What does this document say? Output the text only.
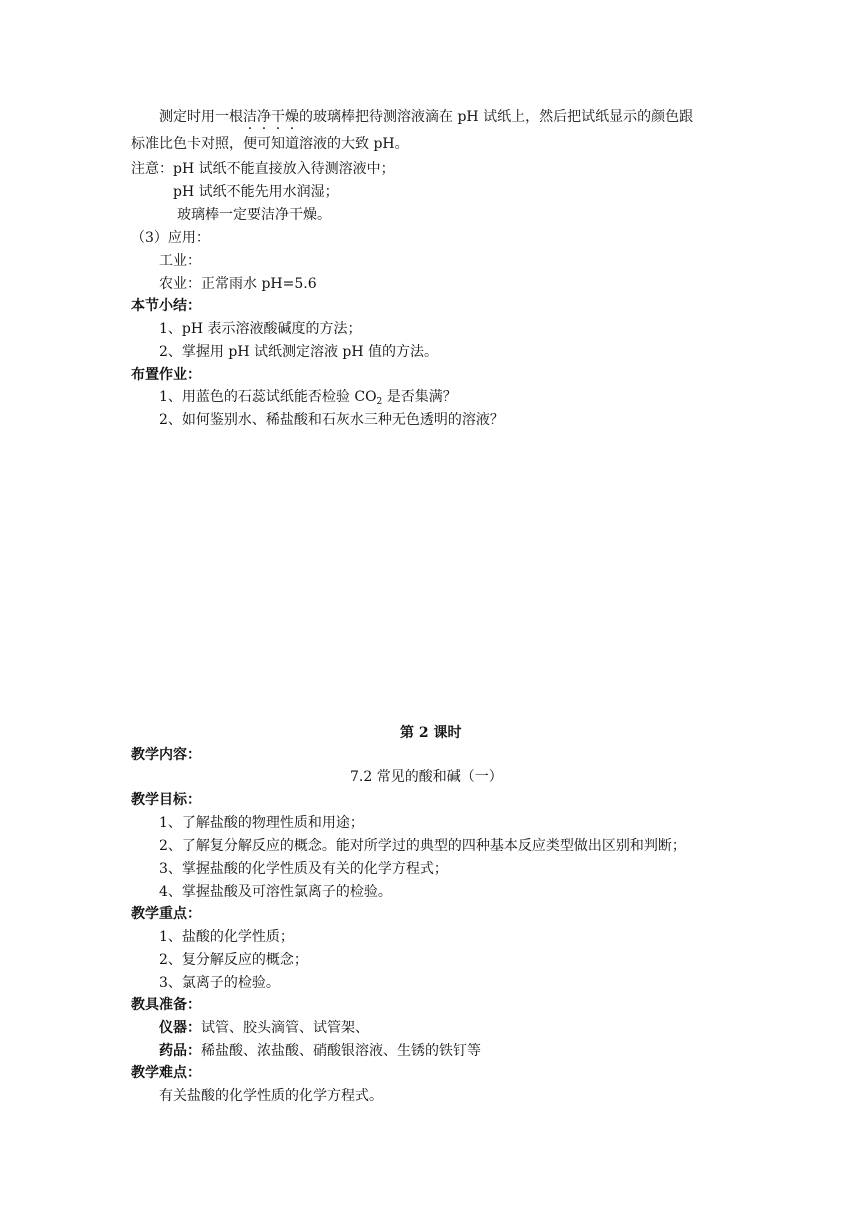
测定时用一根洁净干燥的玻璃棒把待测溶液滴在 pH 试纸上，然后把试纸显示的颜色跟
标准比色卡对照，便可知道溶液的大致 pH。
注意：pH 试纸不能直接放入待测溶液中；
pH 试纸不能先用水润湿；
玻璃棒一定要洁净干燥。
（3）应用：
工业：
农业：正常雨水 pH=5.6
本节小结：
1、pH 表示溶液酸碱度的方法；
2、掌握用 pH 试纸测定溶液 pH 值的方法。
布置作业：
1、用蓝色的石蕊试纸能否检验 $CO_2$ 是否集满？
2、如何鉴别水、稀盐酸和石灰水三种无色透明的溶液？
第 2 课时
教学内容：
7.2 常见的酸和碱（一）
教学目标：
1、了解盐酸的物理性质和用途；
2、了解复分解反应的概念。能对所学过的典型的四种基本反应类型做出区别和判断；
3、掌握盐酸的化学性质及有关的化学方程式；
4、掌握盐酸及可溶性氯离子的检验。
教学重点：
1、盐酸的化学性质；
2、复分解反应的概念；
3、氯离子的检验。
教具准备：
仪器：试管、胶头滴管、试管架、
药品：稀盐酸、浓盐酸、硝酸银溶液、生锈的铁钉等
教学难点：
有关盐酸的化学性质的化学方程式。
